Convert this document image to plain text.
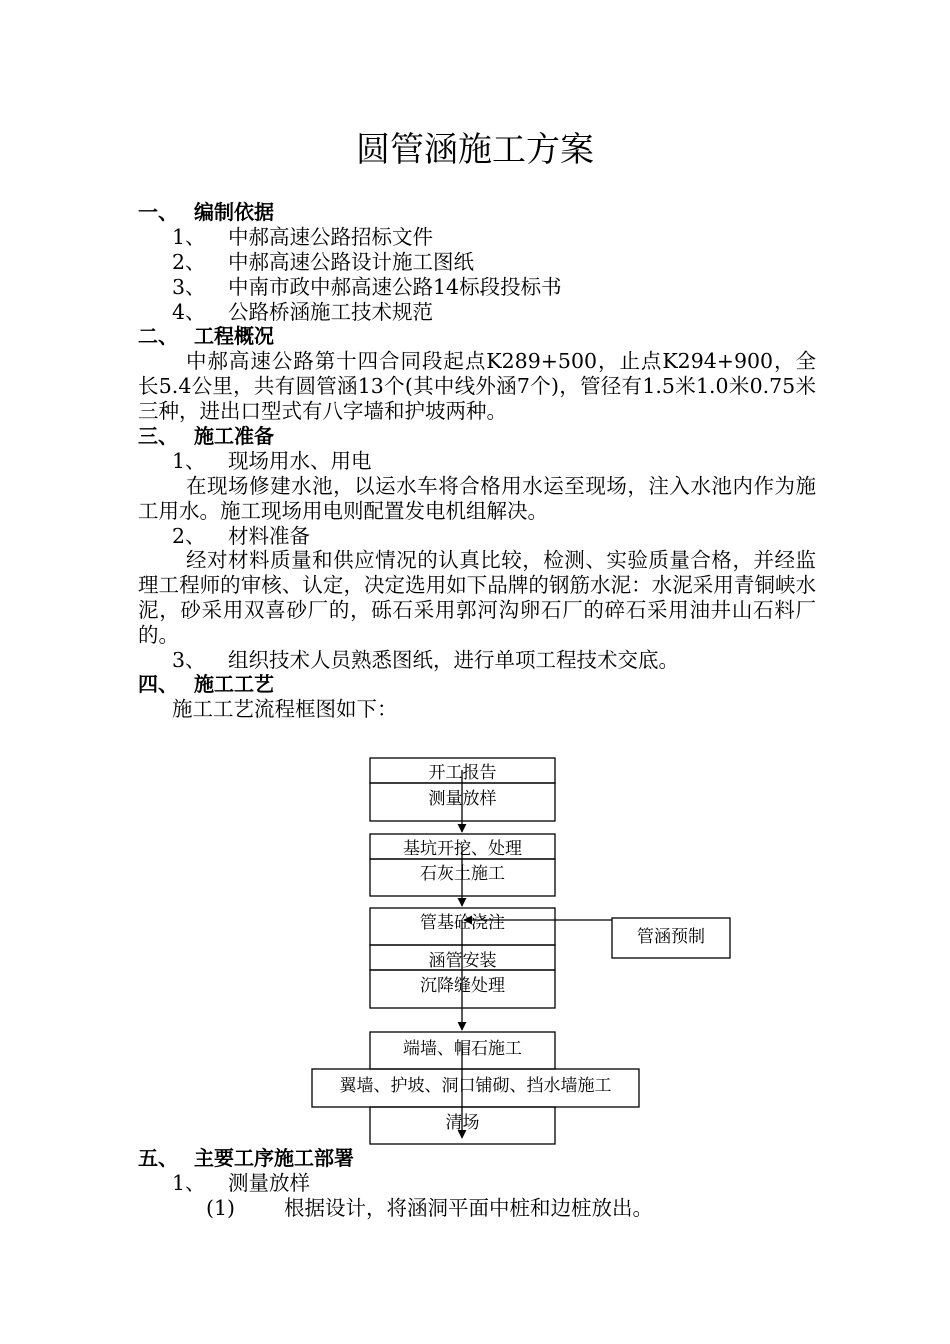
圆管涵施工方案
一、 编制依据
1、 中郝高速公路招标文件
2、 中郝高速公路设计施工图纸
3、 中南市政中郝高速公路14标段投标书
4、 公路桥涵施工技术规范
二、 工程概况
中郝高速公路第十四合同段起点K289+500，止点K294+900，全长5.4公里，共有圆管涵13个(其中线外涵7个)，管径有1.5米1.0米0.75米三种，进出口型式有八字墙和护坡两种。
三、 施工准备
1、 现场用水、用电
在现场修建水池，以运水车将合格用水运至现场，注入水池内作为施工用水。施工现场用电则配置发电机组解决。
2、 材料准备
经对材料质量和供应情况的认真比较，检测、实验质量合格，并经监理工程师的审核、认定，决定选用如下品牌的钢筋水泥：水泥采用青铜峡水泥，砂采用双喜砂厂的，砾石采用郭河沟卵石厂的碎石采用油井山石料厂的。
3、 组织技术人员熟悉图纸，进行单项工程技术交底。
四、 施工工艺
施工工艺流程框图如下：
开工报告
测量放样
基坑开挖、处理
石灰土施工
管基砼浇注
涵管安装
沉降缝处理
管涵预制
端墙、帽石施工
翼墙、护坡、洞口铺砌、挡水墙施工
清场
五、 主要工序施工部署
1、 测量放样
(1) 根据设计，将涵洞平面中桩和边桩放出。
